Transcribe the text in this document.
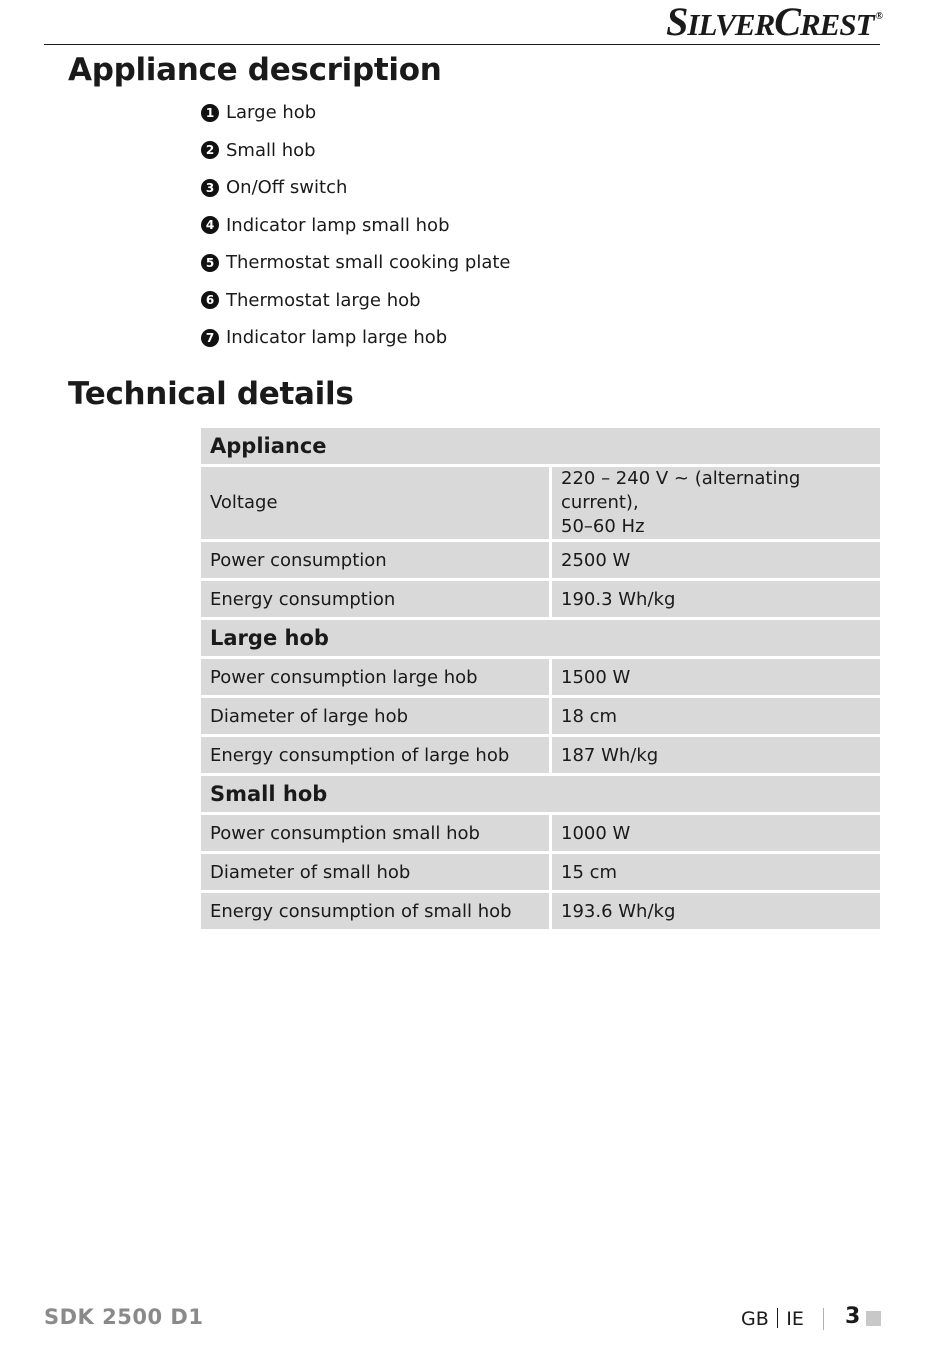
SILVERCREST ®
Appliance description
1 Large hob
2 Small hob
3 On/Off switch
4 Indicator lamp small hob
5 Thermostat small cooking plate
6 Thermostat large hob
7 Indicator lamp large hob
Technical details
Appliance	
Voltage	220 – 240 V ~ (alternating current),
50–60 Hz
Power consumption	2500 W
Energy consumption	190.3 Wh/kg
Large hob	
Power consumption large hob	1500 W
Diameter of large hob	18 cm
Energy consumption of large hob	187 Wh/kg
Small hob	
Power consumption small hob	1000 W
Diameter of small hob	15 cm
Energy consumption of small hob	193.6 Wh/kg
SDK 2500 D1	GB IE 3
